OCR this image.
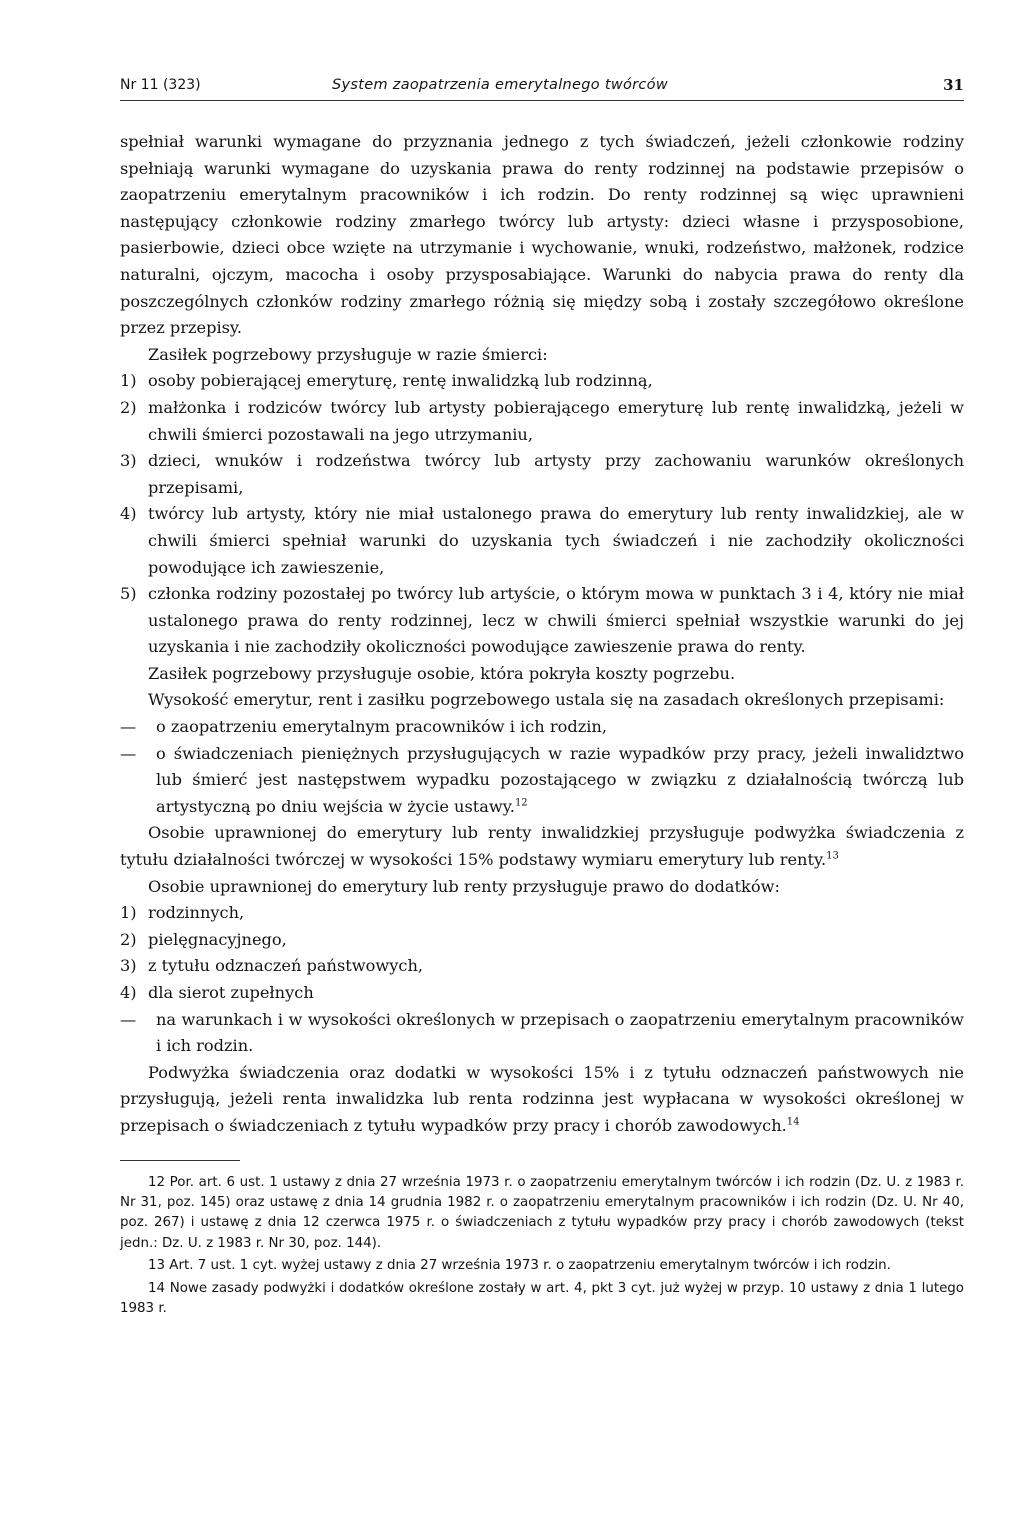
Nr 11 (323)	System zaopatrzenia emerytalnego twórców	31

spełniał warunki wymagane do przyznania jednego z tych świadczeń, jeżeli członkowie rodziny spełniają warunki wymagane do uzyskania prawa do renty rodzinnej na podstawie przepisów o zaopatrzeniu emerytalnym pracowników i ich rodzin. Do renty rodzinnej są więc uprawnieni następujący członkowie rodziny zmarłego twórcy lub artysty: dzieci własne i przysposobione, pasierbowie, dzieci obce wzięte na utrzymanie i wychowanie, wnuki, rodzeństwo, małżonek, rodzice naturalni, ojczym, macocha i osoby przysposabiające. Warunki do nabycia prawa do renty dla poszczególnych członków rodziny zmarłego różnią się między sobą i zostały szczegółowo określone przez przepisy.

Zasiłek pogrzebowy przysługuje w razie śmierci:

1) osoby pobierającej emeryturę, rentę inwalidzką lub rodzinną,
2) małżonka i rodziców twórcy lub artysty pobierającego emeryturę lub rentę inwalidzką, jeżeli w chwili śmierci pozostawali na jego utrzymaniu,
3) dzieci, wnuków i rodzeństwa twórcy lub artysty przy zachowaniu warunków określonych przepisami,
4) twórcy lub artysty, który nie miał ustalonego prawa do emerytury lub renty inwalidzkiej, ale w chwili śmierci spełniał warunki do uzyskania tych świadczeń i nie zachodziły okoliczności powodujące ich zawieszenie,
5) członka rodziny pozostałej po twórcy lub artyście, o którym mowa w punktach 3 i 4, który nie miał ustalonego prawa do renty rodzinnej, lecz w chwili śmierci spełniał wszystkie warunki do jej uzyskania i nie zachodziły okoliczności powodujące zawieszenie prawa do renty.

Zasiłek pogrzebowy przysługuje osobie, która pokryła koszty pogrzebu.

Wysokość emerytur, rent i zasiłku pogrzebowego ustala się na zasadach określonych przepisami:

—	o zaopatrzeniu emerytalnym pracowników i ich rodzin,
—	o świadczeniach pieniężnych przysługujących w razie wypadków przy pracy, jeżeli inwalidztwo lub śmierć jest następstwem wypadku pozostającego w związku z działalnością twórczą lub artystyczną po dniu wejścia w życie ustawy.$^{12}$

Osobie uprawnionej do emerytury lub renty inwalidzkiej przysługuje podwyżka świadczenia z tytułu działalności twórczej w wysokości 15% podstawy wymiaru emerytury lub renty.$^{13}$

Osobie uprawnionej do emerytury lub renty przysługuje prawo do dodatków:

1) rodzinnych,
2) pielęgnacyjnego,
3) z tytułu odznaczeń państwowych,
4) dla sierot zupełnych
—	na warunkach i w wysokości określonych w przepisach o zaopatrzeniu emerytalnym pracowników i ich rodzin.

Podwyżka świadczenia oraz dodatki w wysokości 15% i z tytułu odznaczeń państwowych nie przysługują, jeżeli renta inwalidzka lub renta rodzinna jest wypłacana w wysokości określonej w przepisach o świadczeniach z tytułu wypadków przy pracy i chorób zawodowych.$^{14}$

12 Por. art. 6 ust. 1 ustawy z dnia 27 września 1973 r. o zaopatrzeniu emerytalnym twórców i ich rodzin (Dz. U. z 1983 r. Nr 31, poz. 145) oraz ustawę z dnia 14 grudnia 1982 r. o zaopatrzeniu emerytalnym pracowników i ich rodzin (Dz. U. Nr 40, poz. 267) i ustawę z dnia 12 czerwca 1975 r. o świadczeniach z tytułu wypadków przy pracy i chorób zawodowych (tekst jedn.: Dz. U. z 1983 r. Nr 30, poz. 144).

13 Art. 7 ust. 1 cyt. wyżej ustawy z dnia 27 września 1973 r. o zaopatrzeniu emerytalnym twórców i ich rodzin.

14 Nowe zasady podwyżki i dodatków określone zostały w art. 4, pkt 3 cyt. już wyżej w przyp. 10 ustawy z dnia 1 lutego 1983 r.
